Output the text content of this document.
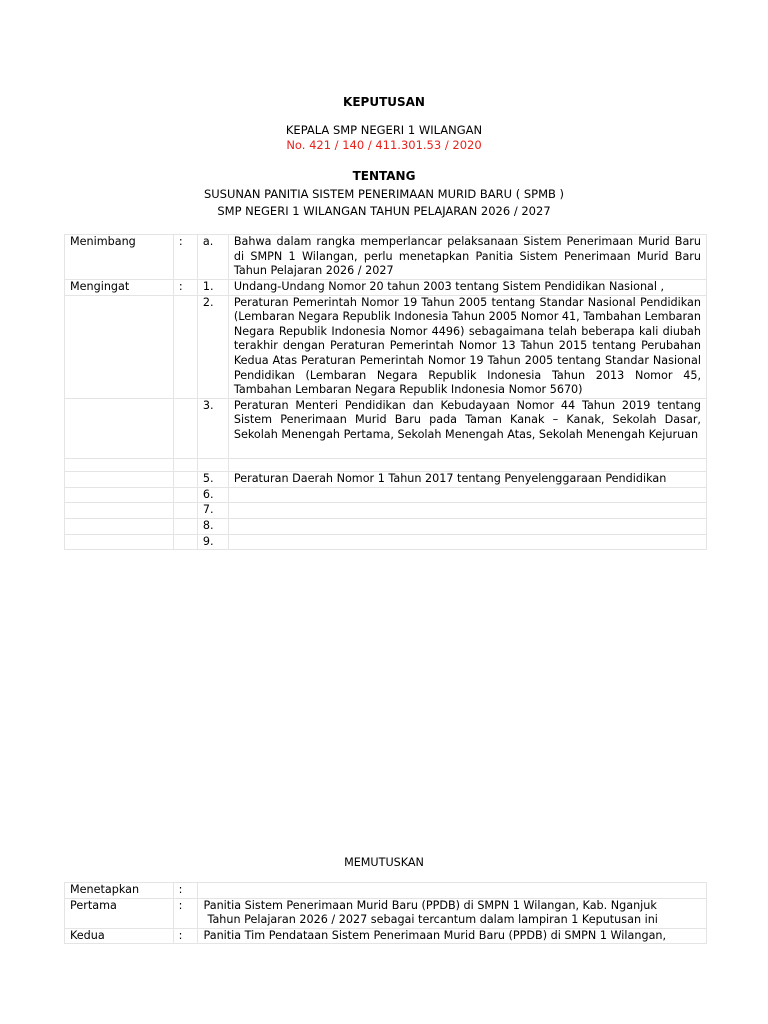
KEPUTUSAN
KEPALA SMP NEGERI 1 WILANGAN
No. 421 / 140 / 411.301.53 / 2020
TENTANG
SUSUNAN PANITIA SISTEM PENERIMAAN MURID BARU ( SPMB )
SMP NEGERI 1 WILANGAN TAHUN PELAJARAN 2026 / 2027
Menimbang	:	a.	Bahwa dalam rangka memperlancar pelaksanaan Sistem Penerimaan Murid Baru di SMPN 1 Wilangan, perlu menetapkan Panitia Sistem Penerimaan Murid Baru Tahun Pelajaran 2026 / 2027
Mengingat	:	1.	Undang-Undang Nomor 20 tahun 2003 tentang Sistem Pendidikan Nasional ,
		2.	Peraturan Pemerintah Nomor 19 Tahun 2005 tentang Standar Nasional Pendidikan (Lembaran Negara Republik Indonesia Tahun 2005 Nomor 41, Tambahan Lembaran Negara Republik Indonesia Nomor 4496) sebagaimana telah beberapa kali diubah terakhir dengan Peraturan Pemerintah Nomor 13 Tahun 2015 tentang Perubahan Kedua Atas Peraturan Pemerintah Nomor 19 Tahun 2005 tentang Standar Nasional Pendidikan (Lembaran Negara Republik Indonesia Tahun 2013 Nomor 45, Tambahan Lembaran Negara Republik Indonesia Nomor 5670)
		3.	Peraturan Menteri Pendidikan dan Kebudayaan Nomor 44 Tahun 2019 tentang Sistem Penerimaan Murid Baru pada Taman Kanak – Kanak, Sekolah Dasar, Sekolah Menengah Pertama, Sekolah Menengah Atas, Sekolah Menengah Kejuruan

		5.	Peraturan Daerah Nomor 1 Tahun 2017 tentang Penyelenggaraan Pendidikan
		6.	
		7.	
		8.	
		9.	
MEMUTUSKAN
Menetapkan	:	
Pertama	:	Panitia Sistem Penerimaan Murid Baru (PPDB) di SMPN 1 Wilangan, Kab. Nganjuk
Tahun Pelajaran 2026 / 2027 sebagai tercantum dalam lampiran 1 Keputusan ini

Kedua	:	Panitia Tim Pendataan Sistem Penerimaan Murid Baru (PPDB) di SMPN 1 Wilangan,
